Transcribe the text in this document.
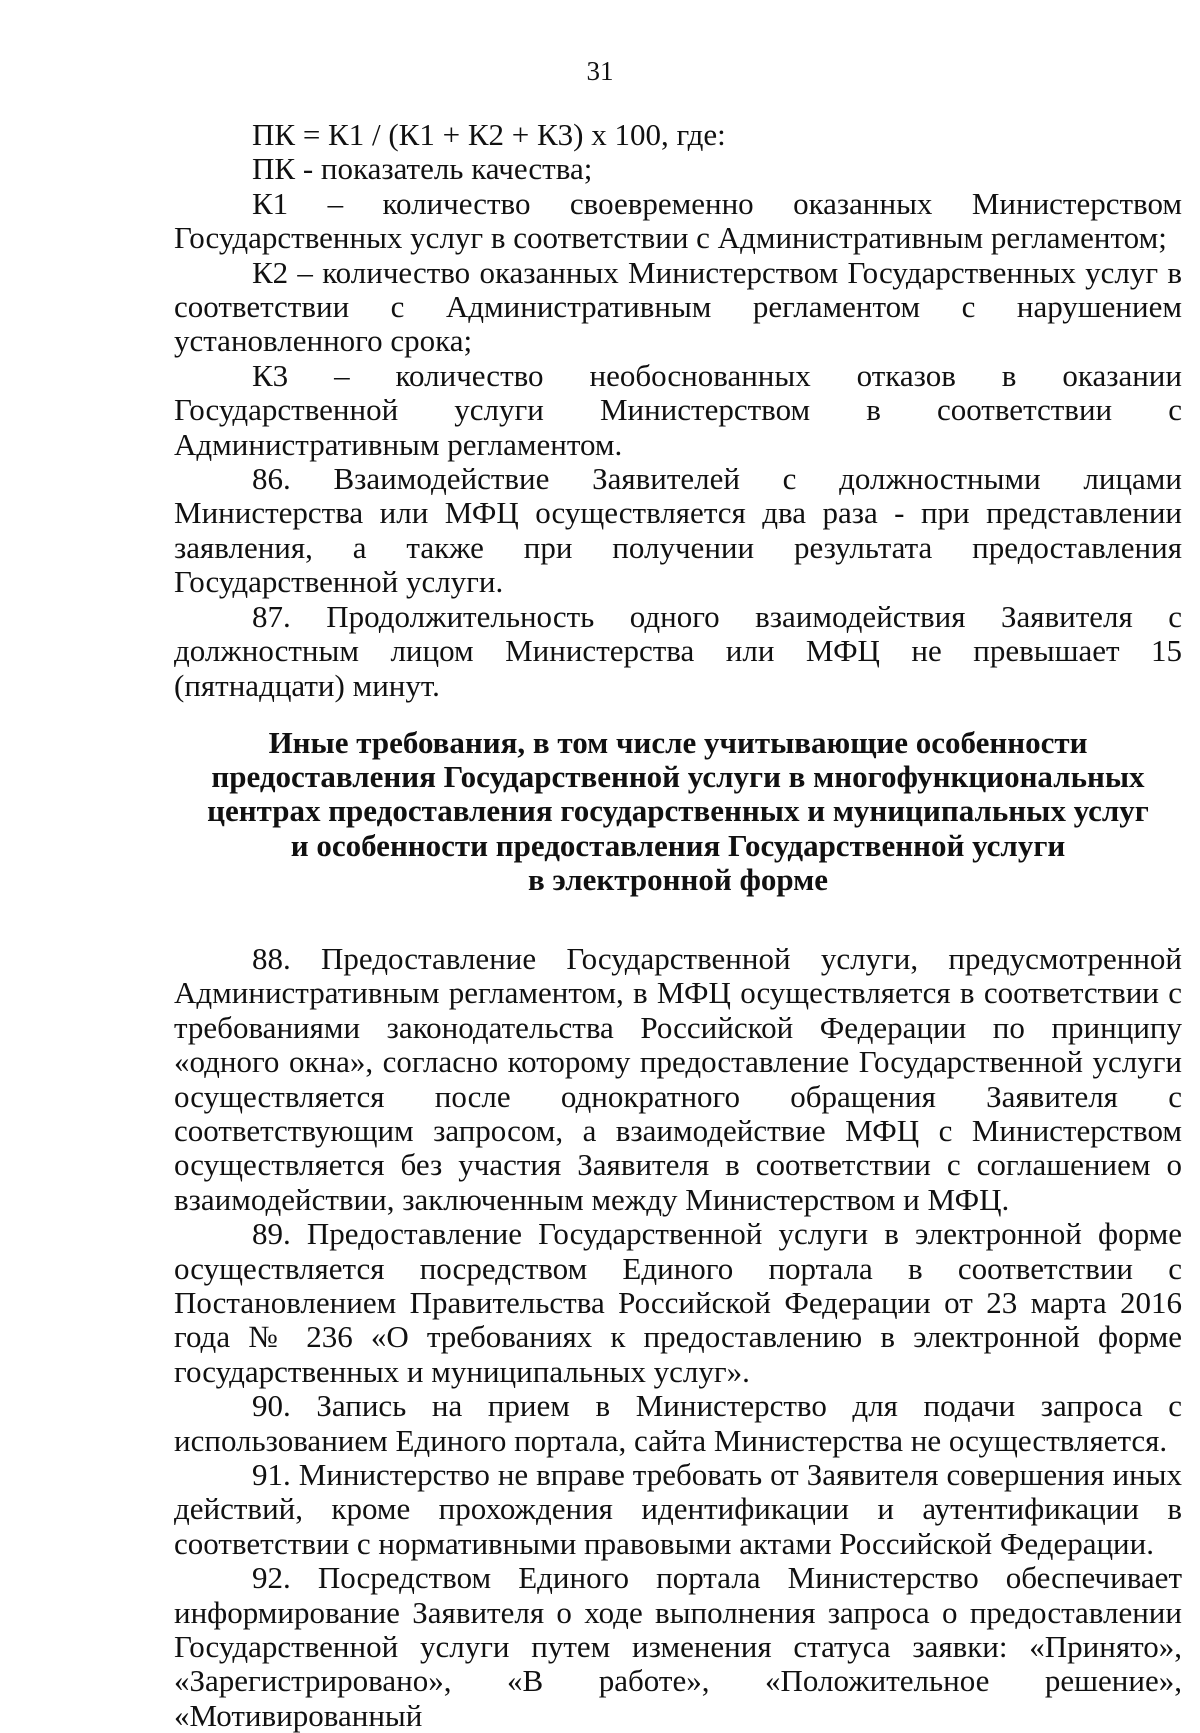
31

ПК = К1 / (К1 + К2 + К3) х 100, где:

ПК - показатель качества;

К1 – количество своевременно оказанных Министерством Государственных услуг в соответствии с Административным регламентом;

К2 – количество оказанных Министерством Государственных услуг в соответствии с Административным регламентом с нарушением установленного срока;

К3 – количество необоснованных отказов в оказании Государственной услуги Министерством в соответствии с Административным регламентом.

86. Взаимодействие Заявителей с должностными лицами Министерства или МФЦ осуществляется два раза - при представлении заявления, а также при получении результата предоставления Государственной услуги.

87. Продолжительность одного взаимодействия Заявителя с должностным лицом Министерства или МФЦ не превышает 15 (пятнадцати) минут.

Иные требования, в том числе учитывающие особенности
предоставления Государственной услуги в многофункциональных
центрах предоставления государственных и муниципальных услуг
и особенности предоставления Государственной услуги
в электронной форме

88. Предоставление Государственной услуги, предусмотренной Административным регламентом, в МФЦ осуществляется в соответствии с требованиями законодательства Российской Федерации по принципу «одного окна», согласно которому предоставление Государственной услуги осуществляется после однократного обращения Заявителя с соответствующим запросом, а взаимодействие МФЦ с Министерством осуществляется без участия Заявителя в соответствии с соглашением о взаимодействии, заключенным между Министерством и МФЦ.

89. Предоставление Государственной услуги в электронной форме осуществляется посредством Единого портала в соответствии с Постановлением Правительства Российской Федерации от 23 марта 2016 года № 236 «О требованиях к предоставлению в электронной форме государственных и муниципальных услуг».

90. Запись на прием в Министерство для подачи запроса с использованием Единого портала, сайта Министерства не осуществляется.

91. Министерство не вправе требовать от Заявителя совершения иных действий, кроме прохождения идентификации и аутентификации в соответствии с нормативными правовыми актами Российской Федерации.

92. Посредством Единого портала Министерство обеспечивает информирование Заявителя о ходе выполнения запроса о предоставлении Государственной услуги путем изменения статуса заявки: «Принято», «Зарегистрировано», «В работе», «Положительное решение», «Мотивированный
